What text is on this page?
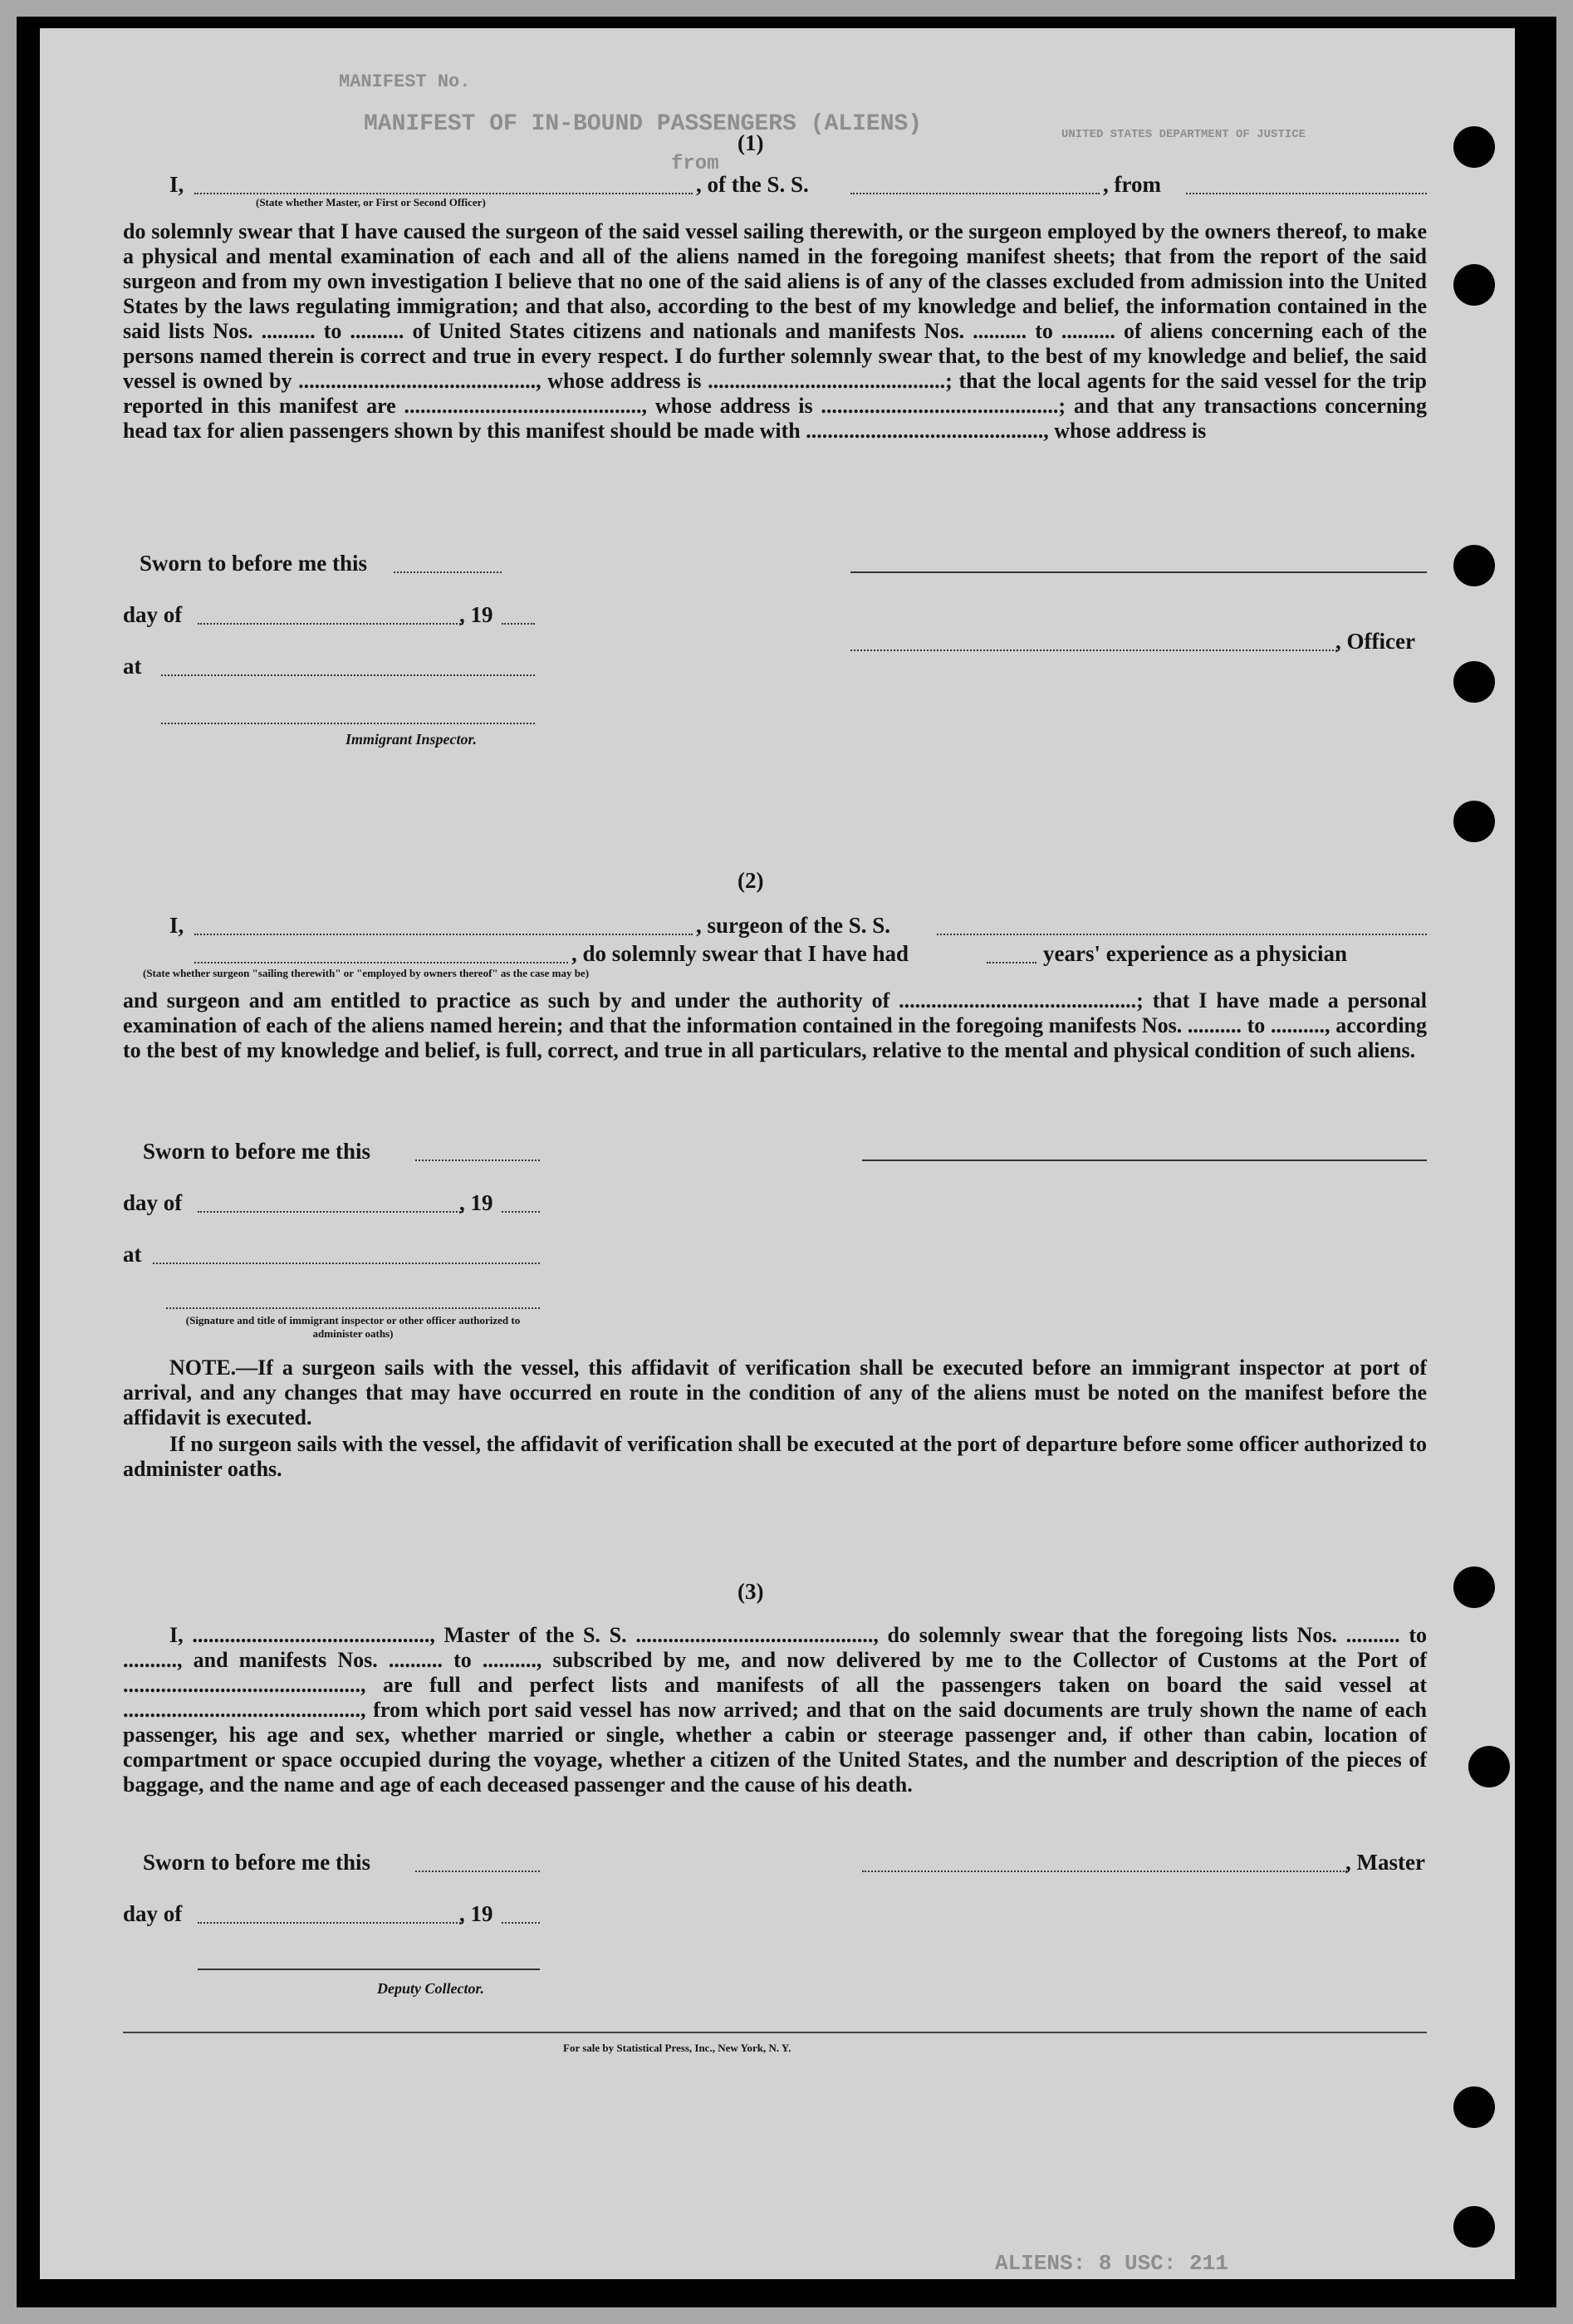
MANIFEST No.
MANIFEST OF IN-BOUND PASSENGERS (ALIENS)
from
UNITED STATES DEPARTMENT OF JUSTICE

(1)

I,

(State whether Master, or First or Second Officer)

, of the S. S.	, from

do solemnly swear that I have caused the surgeon of the said vessel sailing therewith, or the surgeon employed by the owners thereof, to make a physical and mental examination of each and all of the aliens named in the foregoing manifest sheets; that from the report of the said surgeon and from my own investigation I believe that no one of the said aliens is of any of the classes excluded from admission into the United States by the laws regulating immigration; and that also, according to the best of my knowledge and belief, the information contained in the said lists Nos. .......... to .......... of United States citizens and nationals and manifests Nos. .......... to .......... of aliens concerning each of the persons named therein is correct and true in every respect. I do further solemnly swear that, to the best of my knowledge and belief, the said vessel is owned by ............................................, whose address is ............................................; that the local agents for the said vessel for the trip reported in this manifest are ............................................, whose address is ............................................; and that any transactions concerning head tax for alien passengers shown by this manifest should be made with ............................................, whose address is

Sworn to before me this

day of	, 19

, Officer

at

Immigrant Inspector.

(2)

I,	, surgeon of the S. S.

, do solemnly swear that I have had	years' experience as a physician

(State whether surgeon "sailing therewith" or "employed by owners thereof" as the case may be)

and surgeon and am entitled to practice as such by and under the authority of ............................................; that I have made a personal examination of each of the aliens named herein; and that the information contained in the foregoing manifests Nos. .......... to .........., according to the best of my knowledge and belief, is full, correct, and true in all particulars, relative to the mental and physical condition of such aliens.

Sworn to before me this

day of	, 19

at

(Signature and title of immigrant inspector or other officer authorized to administer oaths)

NOTE.—If a surgeon sails with the vessel, this affidavit of verification shall be executed before an immigrant inspector at port of arrival, and any changes that may have occurred en route in the condition of any of the aliens must be noted on the manifest before the affidavit is executed.

If no surgeon sails with the vessel, the affidavit of verification shall be executed at the port of departure before some officer authorized to administer oaths.

(3)

I, ............................................, Master of the S. S. ............................................, do solemnly swear that the foregoing lists Nos. .......... to .........., and manifests Nos. .......... to .........., subscribed by me, and now delivered by me to the Collector of Customs at the Port of ............................................, are full and perfect lists and manifests of all the passengers taken on board the said vessel at ............................................, from which port said vessel has now arrived; and that on the said documents are truly shown the name of each passenger, his age and sex, whether married or single, whether a cabin or steerage passenger and, if other than cabin, location of compartment or space occupied during the voyage, whether a citizen of the United States, and the number and description of the pieces of baggage, and the name and age of each deceased passenger and the cause of his death.

Sworn to before me this	, Master

day of	, 19

Deputy Collector.

For sale by Statistical Press, Inc., New York, N. Y.

ALIENS: 8 USC: 211
